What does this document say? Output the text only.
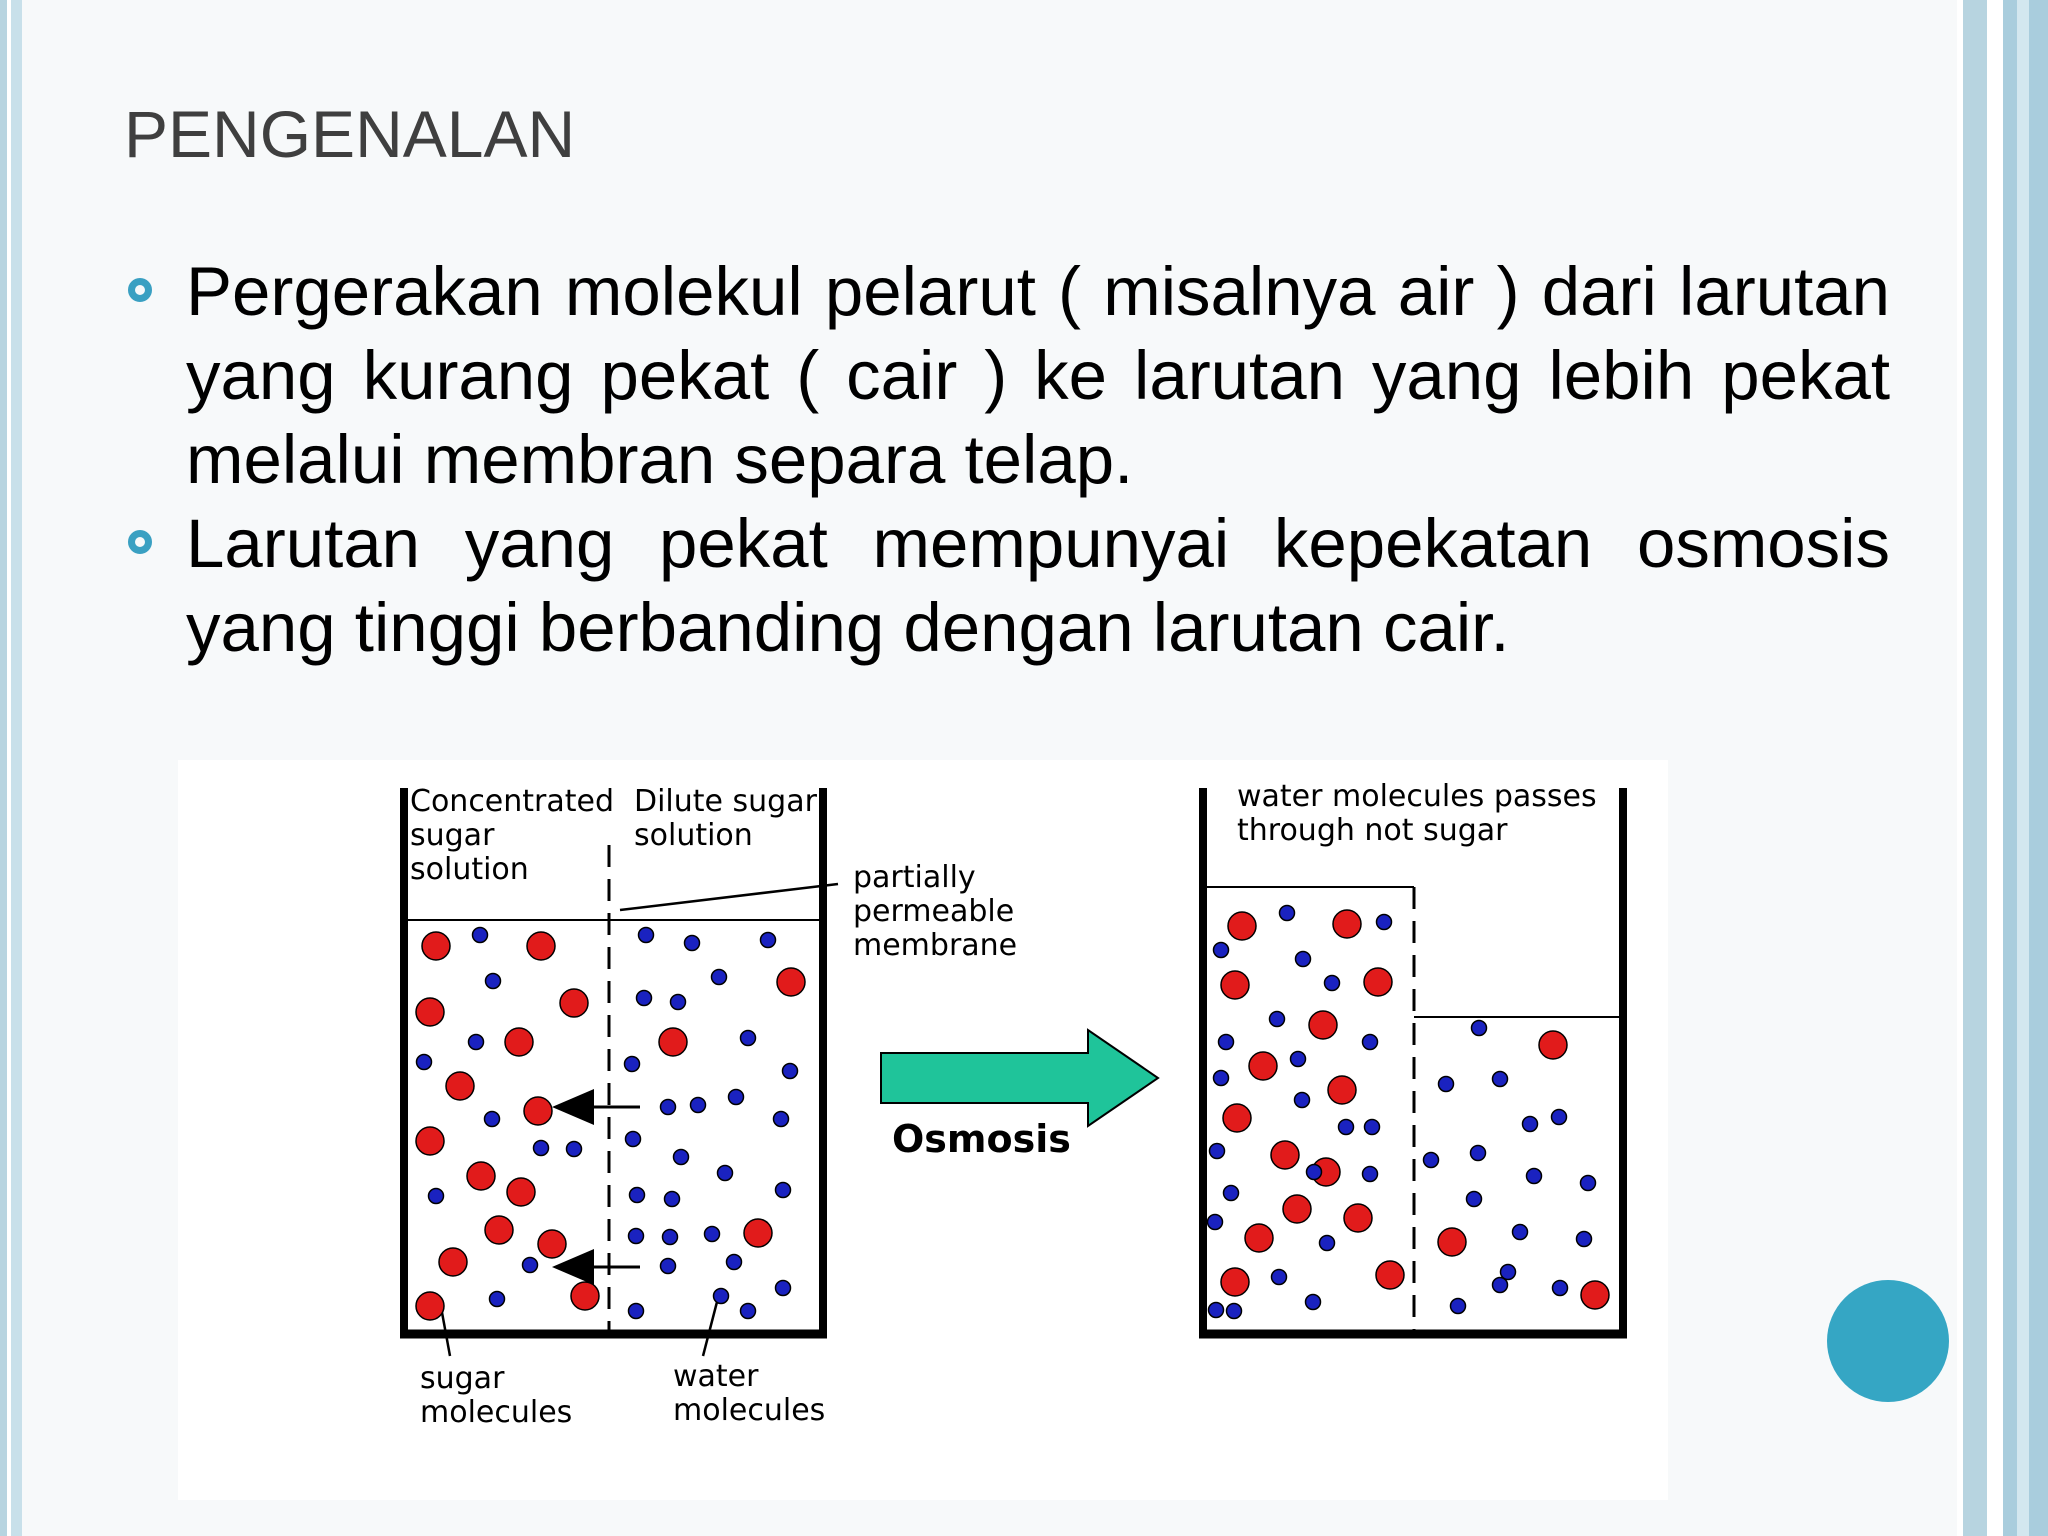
PENGENALAN
Pergerakan molekul pelarut ( misalnya air ) dari larutan yang kurang pekat ( cair ) ke larutan yang lebih pekat melalui membran separa telap.
Larutan yang pekat mempunyai kepekatan osmosis yang tinggi berbanding dengan larutan cair.
Concentrated
sugar
solution
Dilute sugar
solution
partially
permeable
membrane
sugar
molecules
water
molecules
Osmosis
water molecules passes
through not sugar
